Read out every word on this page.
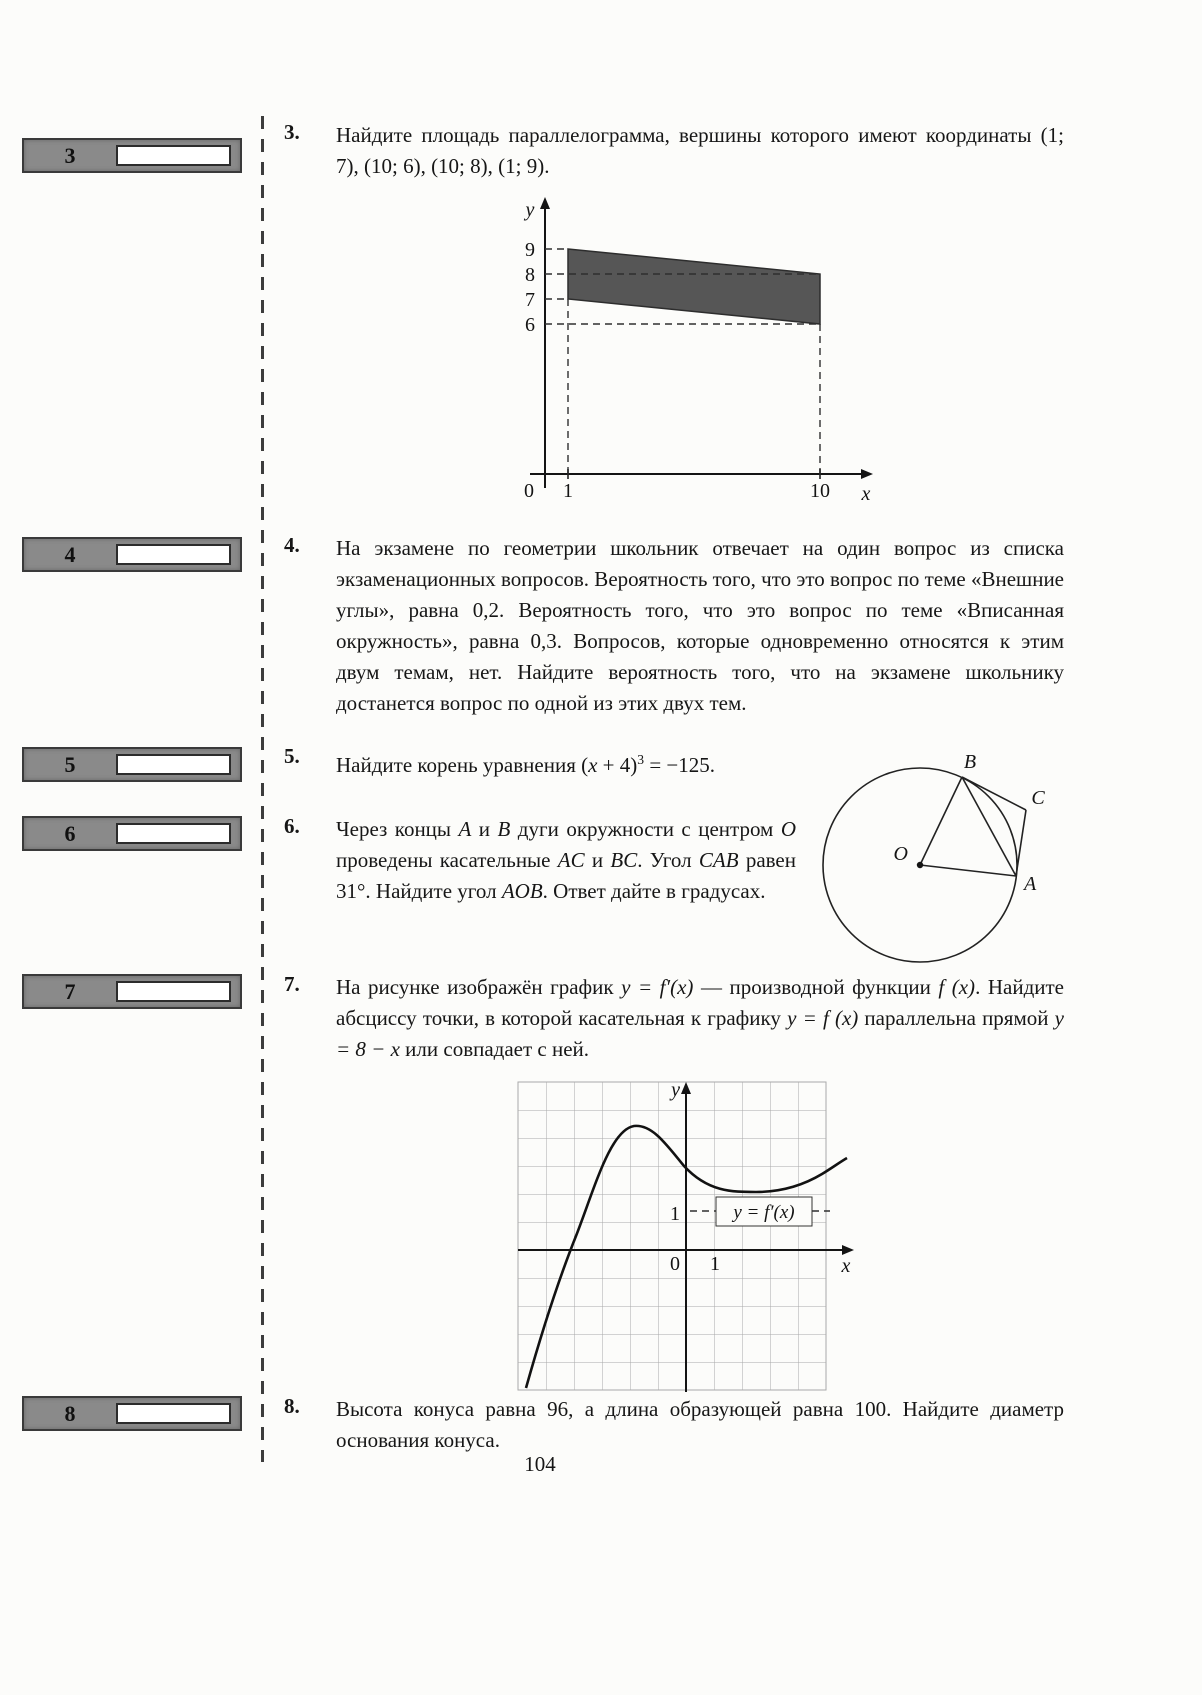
3
4
5
6
7
8
3. Найдите площадь параллелограмма, вершины которого имеют координаты (1; 7), (10; 6), (10; 8), (1; 9).
y
x
9
8
7
6
0 1	10
4. На экзамене по геометрии школьник отвечает на один вопрос из списка экзаменационных вопросов. Вероятность того, что это вопрос по теме «Внешние углы», равна 0,2. Вероятность того, что это вопрос по теме «Вписанная окружность», равна 0,3. Вопросов, которые одновременно относятся к этим двум темам, нет. Найдите вероятность того, что на экзамене школьнику достанется вопрос по одной из этих двух тем.
5. Найдите корень уравнения $(x + 4)^3 = -125$.
6. Через концы A и B дуги окружности с центром O проведены касательные AC и BC. Угол CAB равен 31°. Найдите угол AOB. Ответ дайте в градусах.
O
B
C
A
7. На рисунке изображён график y = f′(x) — производной функции f (x). Найдите абсциссу точки, в которой касательная к графику y = f (x) параллельна прямой y = 8 − x или совпадает с ней.
y = f′(x)
y
x
1
0 1
8. Высота конуса равна 96, а длина образующей равна 100. Найдите диаметр основания конуса.
104
